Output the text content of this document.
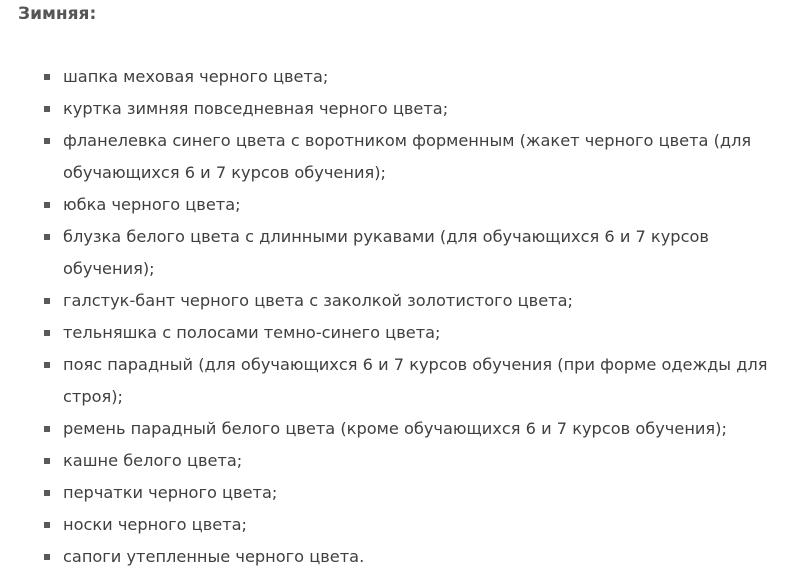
Зимняя:
шапка меховая черного цвета;
куртка зимняя повседневная черного цвета;
фланелевка синего цвета с воротником форменным (жакет черного цвета (для
обучающихся 6 и 7 курсов обучения);
юбка черного цвета;
блузка белого цвета с длинными рукавами (для обучающихся 6 и 7 курсов
обучения);
галстук-бант черного цвета с заколкой золотистого цвета;
тельняшка с полосами темно-синего цвета;
пояс парадный (для обучающихся 6 и 7 курсов обучения (при форме одежды для
строя);
ремень парадный белого цвета (кроме обучающихся 6 и 7 курсов обучения);
кашне белого цвета;
перчатки черного цвета;
носки черного цвета;
сапоги утепленные черного цвета.
